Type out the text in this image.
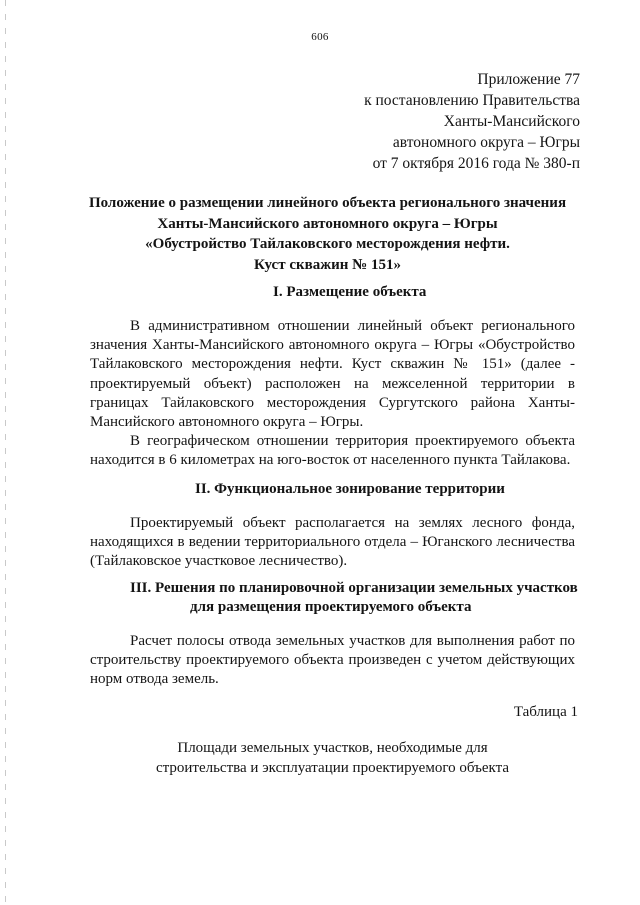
606
Приложение 77
к постановлению Правительства
Ханты-Мансийского
автономного округа – Югры
от 7 октября 2016 года № 380-п
Положение о размещении линейного объекта регионального значения
Ханты-Мансийского автономного округа – Югры
«Обустройство Тайлаковского месторождения нефти.
Куст скважин № 151»
I. Размещение объекта
В административном отношении линейный объект регионального
значения Ханты-Мансийского автономного округа – Югры «Обустройство
Тайлаковского месторождения нефти. Куст скважин № 151» (далее -
проектируемый объект) расположен на межселенной территории в
границах Тайлаковского месторождения Сургутского района Ханты-
Мансийского автономного округа – Югры.
В географическом отношении территория проектируемого объекта
находится в 6 километрах на юго-восток от населенного пункта Тайлакова.
II. Функциональное зонирование территории
Проектируемый объект располагается на землях лесного фонда,
находящихся в ведении территориального отдела – Юганского лесничества
(Тайлаковское участковое лесничество).
III. Решения по планировочной организации земельных участков
для размещения проектируемого объекта
Расчет полосы отвода земельных участков для выполнения работ по
строительству проектируемого объекта произведен с учетом действующих
норм отвода земель.
Таблица 1
Площади земельных участков, необходимые для
строительства и эксплуатации проектируемого объекта
